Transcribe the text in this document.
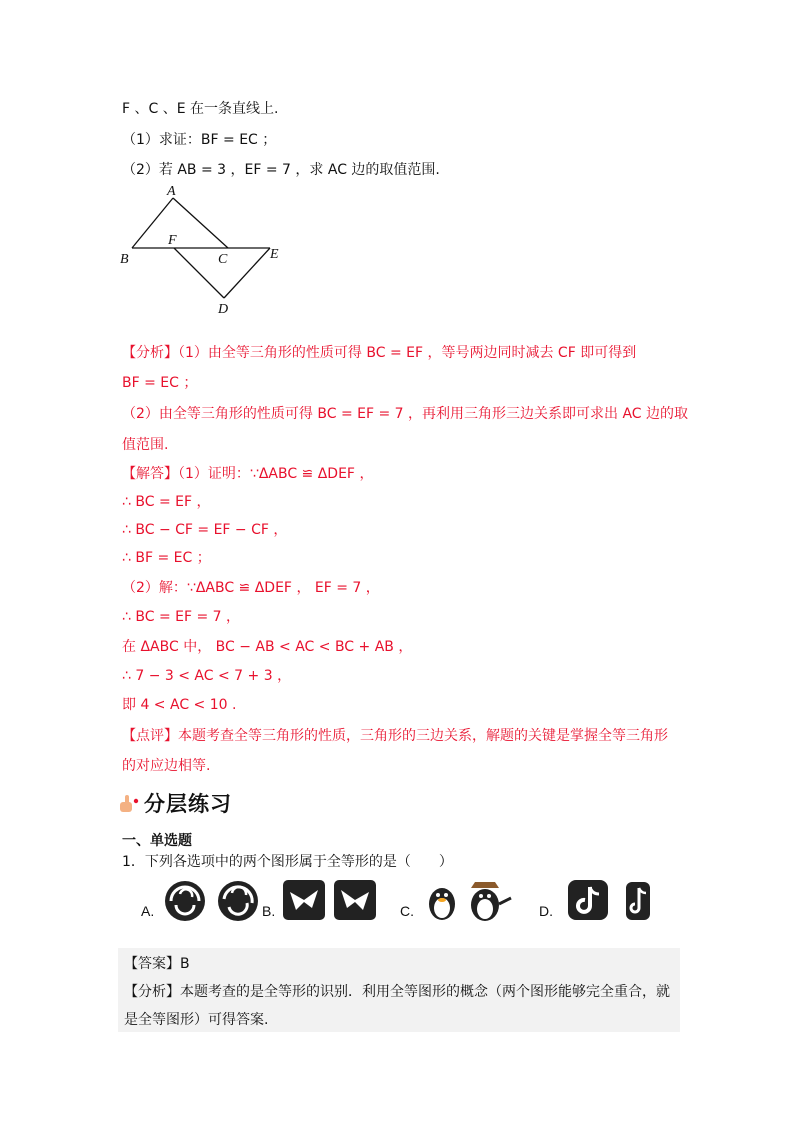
F 、C 、E 在一条直线上.
（1）求证：BF = EC ；
（2）若 AB = 3 ，EF = 7 ，求 AC 边的取值范围.
A
B
F
C	E
D
【分析】（1）由全等三角形的性质可得 BC = EF ，等号两边同时减去 CF 即可得到
BF = EC ；
（2）由全等三角形的性质可得 BC = EF = 7 ，再利用三角形三边关系即可求出 AC 边的取
值范围.
【解答】（1）证明：∵ΔABC ≌ ΔDEF ，
∴ BC = EF ，
∴ BC − CF = EF − CF ，
∴ BF = EC ；
（2）解：∵ΔABC ≌ ΔDEF ， EF = 7 ，
∴ BC = EF = 7 ，
在 ΔABC 中， BC − AB < AC < BC + AB ，
∴ 7 − 3 < AC < 7 + 3 ，
即 4 < AC < 10 .
【点评】本题考查全等三角形的性质，三角形的三边关系，解题的关键是掌握全等三角形
的对应边相等.
分层练习
一、单选题
1．下列各选项中的两个图形属于全等形的是（　　）
A.	B.	C.	D.
【答案】B
【分析】本题考查的是全等形的识别．利用全等图形的概念（两个图形能够完全重合，就
是全等图形）可得答案.
